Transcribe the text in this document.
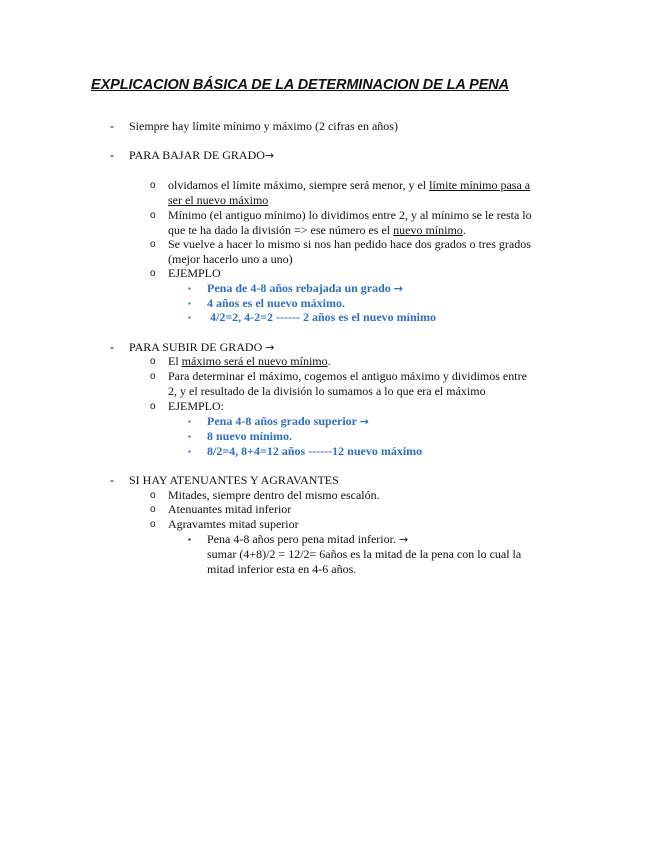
EXPLICACION BÁSICA DE LA DETERMINACION DE LA PENA
- Siempre hay límite mínimo y máximo (2 cifras en años)
- PARA BAJAR DE GRADO→
o olvidamos el límite máximo, siempre será menor, y el límite mínimo pasa a
ser el nuevo máximo
o Mínimo (el antiguo mínimo) lo dividimos entre 2, y al mínimo se le resta lo
que te ha dado la división => ese número es el nuevo mínimo.
o Se vuelve a hacer lo mismo si nos han pedido hace dos grados o tres grados
(mejor hacerlo uno a uno)
o EJEMPLO
▪ Pena de 4-8 años rebajada un grado →
▪ 4 años es el nuevo máximo.
▪ 4/2=2, 4-2=2 ------ 2 años es el nuevo mínimo
- PARA SUBIR DE GRADO →
o El máximo será el nuevo mínimo.
o Para determinar el máximo, cogemos el antiguo máximo y dividimos entre
2, y el resultado de la división lo sumamos a lo que era el máximo
o EJEMPLO:
▪ Pena 4-8 años grado superior →
▪ 8 nuevo mínimo.
▪ 8/2=4, 8+4=12 años ------12 nuevo máximo
- SI HAY ATENUANTES Y AGRAVANTES
o Mitades, siempre dentro del mismo escalón.
o Atenuantes mitad inferior
o Agravamtes mitad superior
▪ Pena 4-8 años pero pena mitad inferior. →
sumar (4+8)/2 = 12/2= 6años es la mitad de la pena con lo cual la
mitad inferior esta en 4-6 años.
